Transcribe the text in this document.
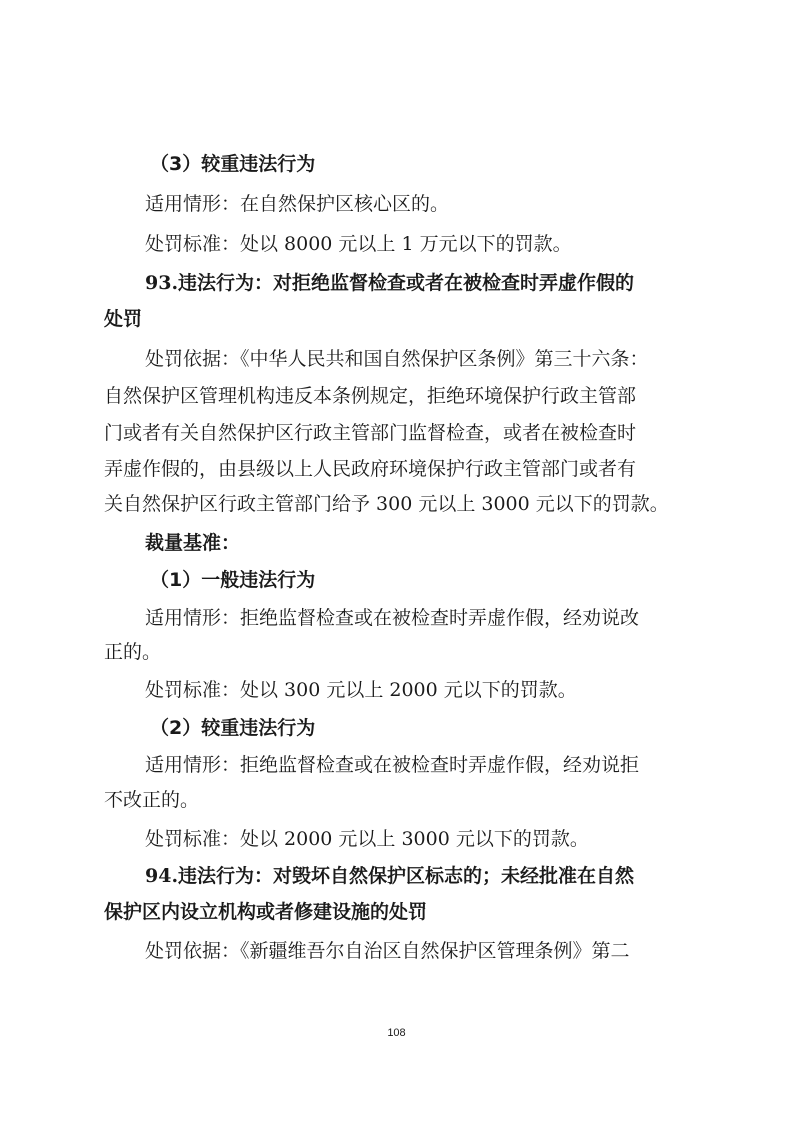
（3）较重违法行为
适用情形：在自然保护区核心区的。
处罚标准：处以 8000 元以上 1 万元以下的罚款。
93.违法行为：对拒绝监督检查或者在被检查时弄虚作假的
处罚
处罚依据：《中华人民共和国自然保护区条例》第三十六条：
自然保护区管理机构违反本条例规定，拒绝环境保护行政主管部
门或者有关自然保护区行政主管部门监督检查，或者在被检查时
弄虚作假的，由县级以上人民政府环境保护行政主管部门或者有
关自然保护区行政主管部门给予 300 元以上 3000 元以下的罚款。
裁量基准：
（1）一般违法行为
适用情形：拒绝监督检查或在被检查时弄虚作假，经劝说改
正的。
处罚标准：处以 300 元以上 2000 元以下的罚款。
（2）较重违法行为
适用情形：拒绝监督检查或在被检查时弄虚作假，经劝说拒
不改正的。
处罚标准：处以 2000 元以上 3000 元以下的罚款。
94.违法行为：对毁坏自然保护区标志的；未经批准在自然
保护区内设立机构或者修建设施的处罚
处罚依据：《新疆维吾尔自治区自然保护区管理条例》第二
108
